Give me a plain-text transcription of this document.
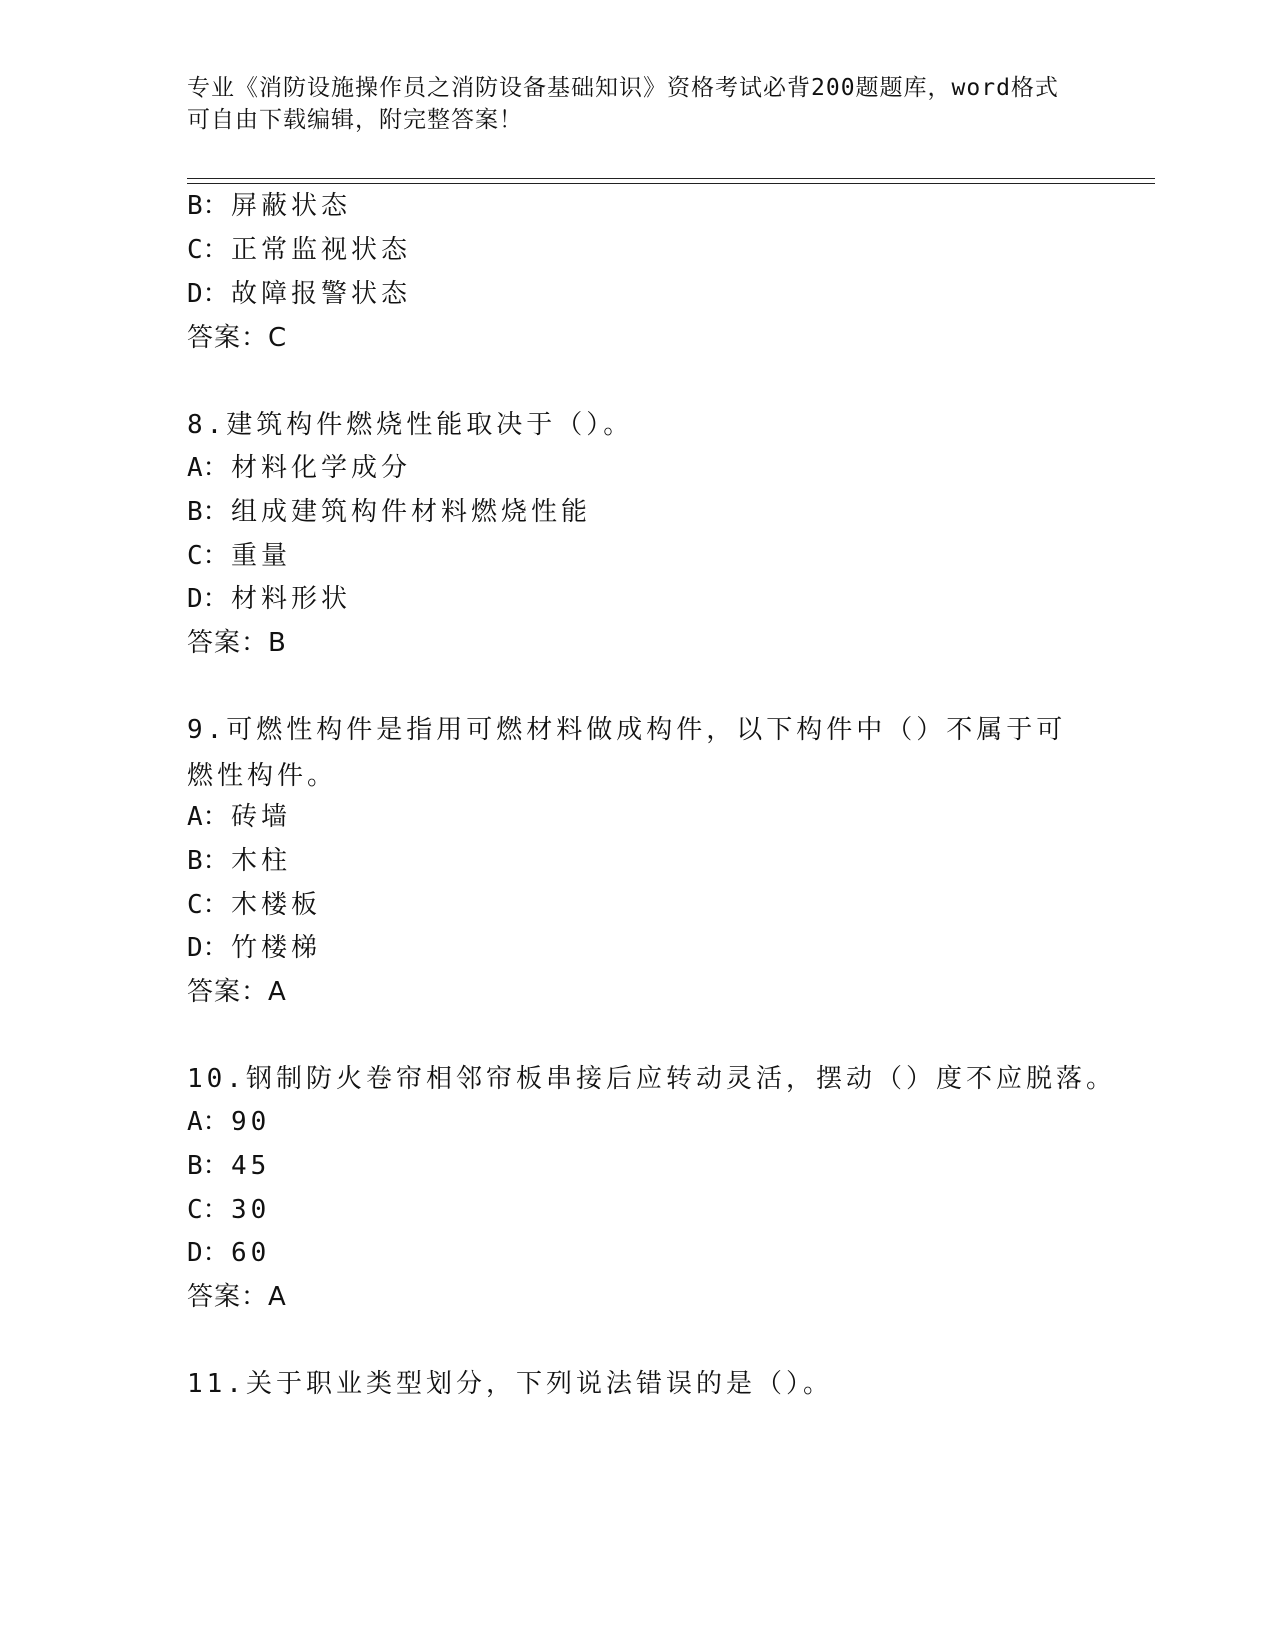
专业《消防设施操作员之消防设备基础知识》资格考试必背200题题库，word格式可自由下载编辑，附完整答案！
B：屏蔽状态
C：正常监视状态
D：故障报警状态
答案：C
8.建筑构件燃烧性能取决于（）。
A：材料化学成分
B：组成建筑构件材料燃烧性能
C：重量
D：材料形状
答案：B
9.可燃性构件是指用可燃材料做成构件，以下构件中（）不属于可燃性构件。
A：砖墙
B：木柱
C：木楼板
D：竹楼梯
答案：A
10.钢制防火卷帘相邻帘板串接后应转动灵活，摆动（）度不应脱落。
A：90
B：45
C：30
D：60
答案：A
11.关于职业类型划分，下列说法错误的是（）。
